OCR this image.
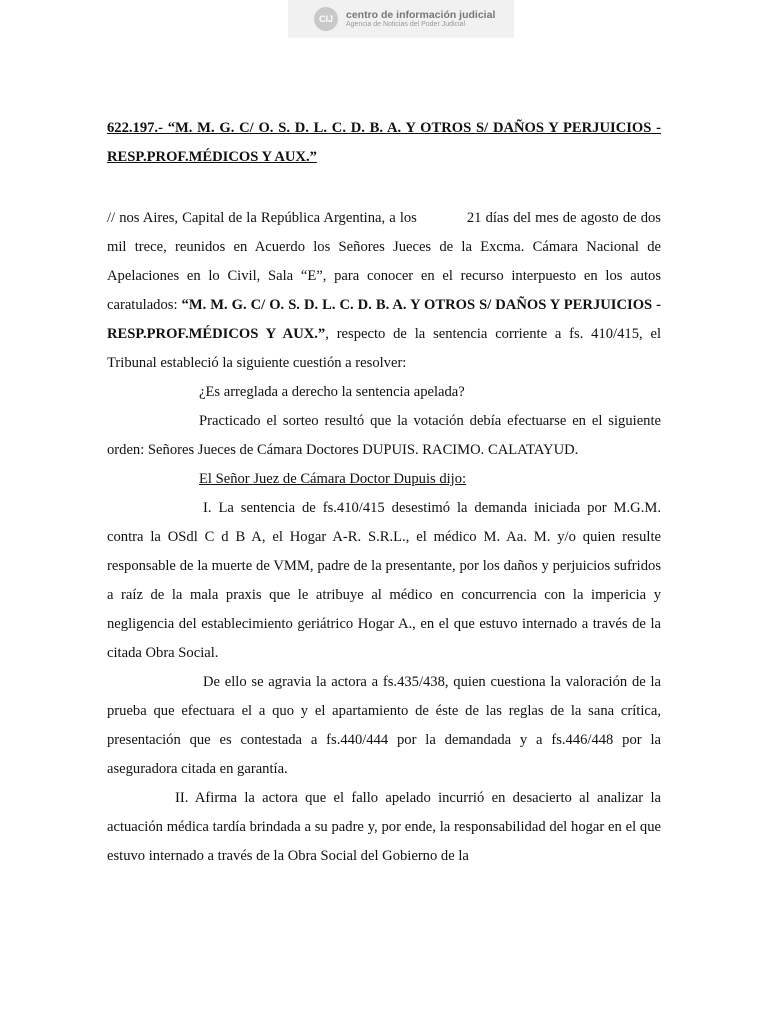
CIJ	centro de información judicial
Agencia de Noticias del Poder Judicial

622.197.- “M. M. G. C/ O. S. D. L. C. D. B. A. Y OTROS S/ DAÑOS Y PERJUICIOS - RESP.PROF.MÉDICOS Y AUX.”

// nos Aires, Capital de la República Argentina, a los	21 días del mes de agosto de dos mil trece, reunidos en Acuerdo los Señores Jueces de la Excma. Cámara Nacional de Apelaciones en lo Civil, Sala “E”, para conocer en el recurso interpuesto en los autos caratulados: “M. M. G. C/ O. S. D. L. C. D. B. A. Y OTROS S/ DAÑOS Y PERJUICIOS - RESP.PROF.MÉDICOS Y AUX.”, respecto de la sentencia corriente a fs. 410/415, el Tribunal estableció la siguiente cuestión a resolver:

¿Es arreglada a derecho la sentencia apelada?

Practicado el sorteo resultó que la votación debía efectuarse en el siguiente orden: Señores Jueces de Cámara Doctores DUPUIS. RACIMO. CALATAYUD.

El Señor Juez de Cámara Doctor Dupuis dijo:

I. La sentencia de fs.410/415 desestimó la demanda iniciada por M.G.M. contra la OSdl C d B A, el Hogar A-R. S.R.L., el médico M. Aa. M. y/o quien resulte responsable de la muerte de VMM, padre de la presentante, por los daños y perjuicios sufridos a raíz de la mala praxis que le atribuye al médico en concurrencia con la impericia y negligencia del establecimiento geriátrico Hogar A., en el que estuvo internado a través de la citada Obra Social.

De ello se agravia la actora a fs.435/438, quien cuestiona la valoración de la prueba que efectuara el a quo y el apartamiento de éste de las reglas de la sana crítica, presentación que es contestada a fs.440/444 por la demandada y a fs.446/448 por la aseguradora citada en garantía.

II. Afirma la actora que el fallo apelado incurrió en desacierto al analizar la actuación médica tardía brindada a su padre y, por ende, la responsabilidad del hogar en el que estuvo internado a través de la Obra Social del Gobierno de la
